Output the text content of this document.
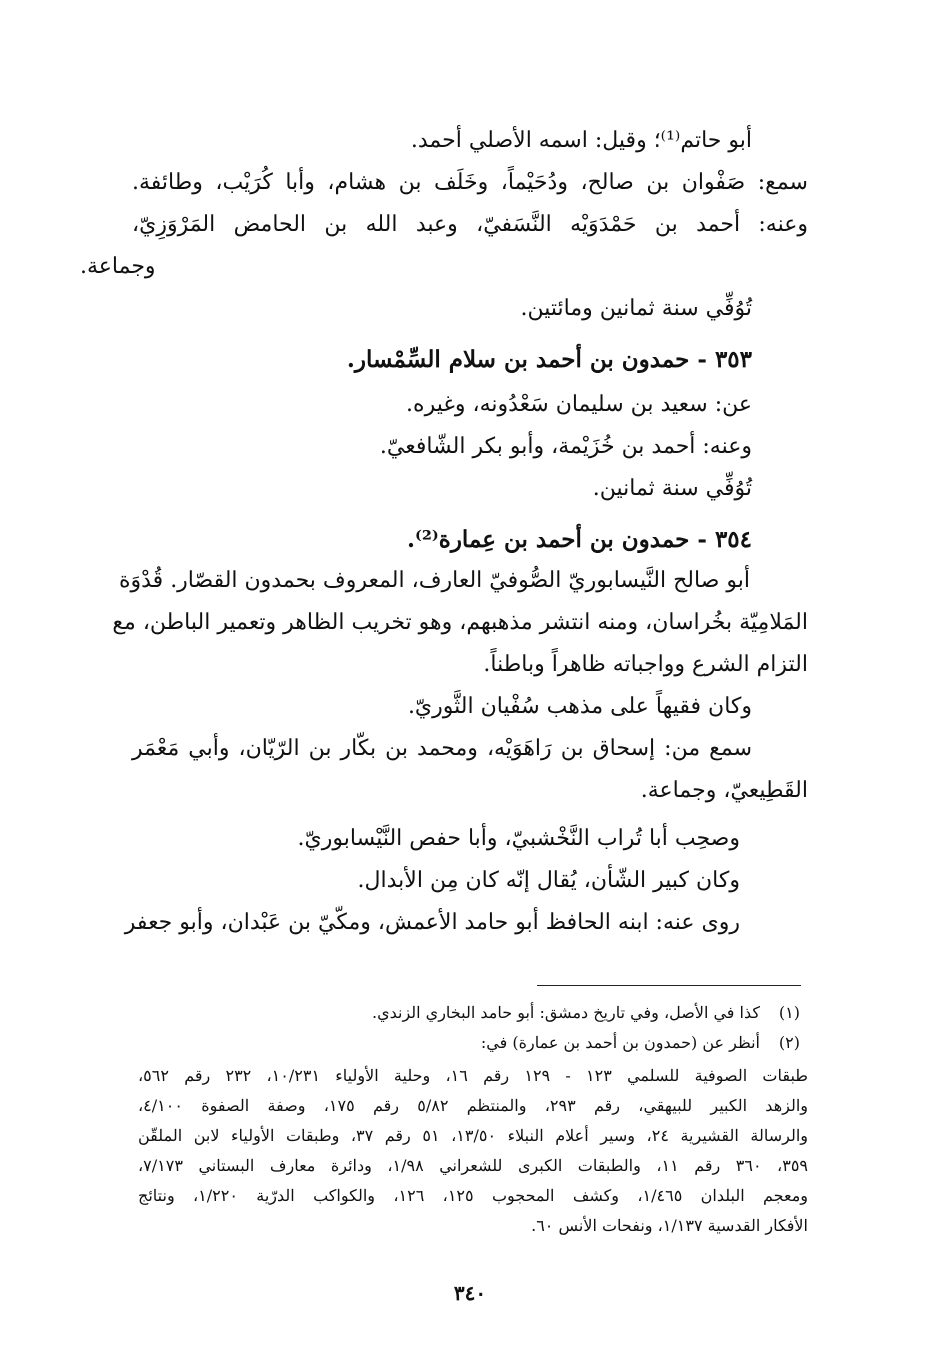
أبو حاتم⁽¹⁾؛ وقيل: اسمه الأصلي أحمد.
سمع: صَفْوان بن صالح، ودُحَيْماً، وخَلَف بن هشام، وأبا كُرَيْب، وطائفة.
وعنه: أحمد بن حَمْدَوَيْه النَّسَفيّ، وعبد الله بن الحامض المَرْوَزِيّ،
وجماعة.
تُوُفِّي سنة ثمانين ومائتين.
٣٥٣ - حمدون بن أحمد بن سلام السِّمْسار.
عن: سعيد بن سليمان سَعْدُونه، وغيره.
وعنه: أحمد بن خُزَيْمة، وأبو بكر الشّافعيّ.
تُوُفِّي سنة ثمانين.
٣٥٤ - حمدون بن أحمد بن عِمارة⁽²⁾.
أبو صالح النَّيسابوريّ الصُّوفيّ العارف، المعروف بحمدون القصّار. قُدْوَة
المَلامِيّة بخُراسان، ومنه انتشر مذهبهم، وهو تخريب الظاهر وتعمير الباطن، مع
التزام الشرع وواجباته ظاهراً وباطناً.
وكان فقيهاً على مذهب سُفْيان الثَّوريّ.
سمع من: إسحاق بن رَاهَوَيْه، ومحمد بن بكّار بن الرّيّان، وأبي مَعْمَر
القَطِيعيّ، وجماعة.
وصحِب أبا تُراب النَّخْشبيّ، وأبا حفص النَّيْسابوريّ.
وكان كبير الشّأن، يُقال إنّه كان مِن الأبدال.
روى عنه: ابنه الحافظ أبو حامد الأعمش، ومكّيّ بن عَبْدان، وأبو جعفر
(١)
كذا في الأصل، وفي تاريخ دمشق: أبو حامد البخاري الزندي.
(٢)
أنظر عن (حمدون بن أحمد بن عمارة) في:
طبقات الصوفية للسلمي ١٢٣ - ١٢٩ رقم ١٦، وحلية الأولياء ١٠/٢٣١، ٢٣٢ رقم ٥٦٢،
والزهد الكبير للبيهقي، رقم ٢٩٣، والمنتظم ٥/٨٢ رقم ١٧٥، وصفة الصفوة ٤/١٠٠،
والرسالة القشيرية ٢٤، وسير أعلام النبلاء ١٣/٥٠، ٥١ رقم ٣٧، وطبقات الأولياء لابن الملقّن
٣٥٩، ٣٦٠ رقم ١١، والطبقات الكبرى للشعراني ١/٩٨، ودائرة معارف البستاني ٧/١٧٣،
ومعجم البلدان ١/٤٦٥، وكشف المحجوب ١٢٥، ١٢٦، والكواكب الدرّية ١/٢٢٠، ونتائج
الأفكار القدسية ١/١٣٧، ونفحات الأنس ٦٠.
٣٤٠
